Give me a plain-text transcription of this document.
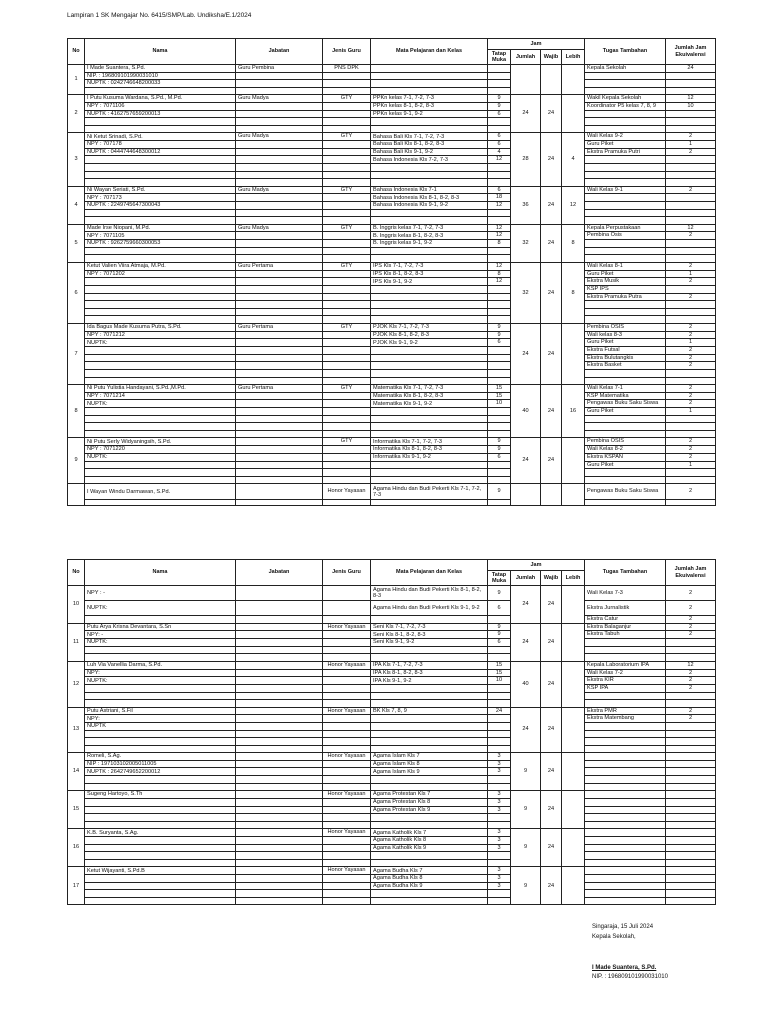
Lampiran 1 SK Mengajar No. 6415/SMP/Lab. Undiksha/E.1/2024
No	Nama	Jabatan	Jenis Guru	Mata Pelajaran dan Kelas	Jam				Tugas Tambahan	Jumlah Jam Ekuivalensi
					Tatap Muka	Jumlah	Wajib	Lebih		
1	I Made Suantera, S.Pd.	Guru Pembina	PNS DPK						Kepala Sekolah	24
	NIP. : 196809101990031010									
	NUPTK : 0242746648200033									

2	I Putu Kusuma Wardana, S.Pd., M.Pd.	Guru Madya	GTY	PPKn kelas 7-1, 7-2, 7-3	9	24	24		Wakil Kepala Sekolah	12
	NPY : 7071106			PPKn kelas 8-1, 8-2, 8-3	9				Koordinator P5 kelas 7, 8, 9	10
	NUPTK : 4162757659200013			PPKn kelas 9-1, 9-2	6					

3	Ni Ketut Srinadi, S.Pd.	Guru Madya	GTY	Bahasa Bali Kls 7-1, 7-2, 7-3	6	28	24	4	Wali Kelas 9-2	2
	NPY : 707178			Bahasa Bali Kls 8-1, 8-2, 8-3	6				Guru Piket	1
	NUPTK : 0444744648300012			Bahasa Bali Kls 9-1, 9-2	4				Ekstra Pramuka Putri	2
				Bahasa Indonesia Kls 7-2, 7-3	12					

4	Ni Wayan Seriati, S.Pd.	Guru Madya	GTY	Bahasa Indonesia Kls 7-1	6	36	24	12	Wali Kelas 9-1	2
	NPY : 707173			Bahasa Indonesia Kls 8-1, 8-2, 8-3	18					
	NUPTK : 2249745647300043			Bahasa Indonesia Kls 9-1, 9-2	12					

5	Made Irse Niopani, M.Pd.	Guru Madya	GTY	B. Inggris kelas 7-1, 7-2, 7-3	12	32	24	8	Kepala Perpustakaan	12
	NPY : 7071105			B. Inggris kelas 8-1, 8-2, 8-3	12				Pembina Osis	2
	NUPTK : 9262759660300053			B. Inggris kelas 9-1, 9-2	8					

6	Ketut Valien Viira Atmaja, M.Pd.	Guru Pertama	GTY	IPS Kls 7-1, 7-2, 7-3	12	32	24	8	Wali Kelas 8-1	2
	NPY : 7071202			IPS Kls 8-1, 8-2, 8-3	8				Guru Piket	1
				IPS Kls 9-1, 9-2	12				Ekstra Musik	2
									KSP IPS	
									Ekstra Pramuka Putra	2

7	Ida Bagus Made Kusuma Putra, S.Pd.	Guru Pertama	GTY	PJOK Kls 7-1, 7-2, 7-3	9	24	24		Pembina OSIS	2
	NPY : 7071212			PJOK Kls 8-1, 8-2, 8-3	9				Wali kelas 8-3	2
	NUPTK:			PJOK Kls 9-1, 9-2	6				Guru Piket	1
									Ekstra Futsal	2
									Ekstra Bulutangkis	2
									Ekstra Basket	2

8	Ni Putu Yulistia Handayani, S.Pd.,M.Pd.	Guru Pertama	GTY	Matematika Kls 7-1, 7-2, 7-3	15	40	24	16	Wali Kelas 7-1	2
	NPY : 7071214			Matematika Kls 8-1, 8-2, 8-3	15				KSP Matematika	2
	NUPTK:			Matematika Kls 9-1, 9-2	10				Pengawas Buku Saku Siswa	2
									Guru Piket	1

9	Ni Putu Serly Widyaningsih, S.Pd.		GTY	Informatika Kls 7-1, 7-2, 7-3	9	24	24		Pembina OSIS	2
	NPY : 7071220			Informatika Kls 8-1, 8-2, 8-3	9				Wali Kelas 8-2	2
	NUPTK:			Informatika Kls 9-1, 9-2	6				Ekstra KSPAN	2
									Guru Piket	1

	I Wayan Windu Darmawan, S.Pd.		Honor Yayasan	Agama Hindu dan Budi Pekerti Kls 7-1, 7-2, 7-3	9				Pengawas Buku Saku Siswa	2

No	Nama	Jabatan	Jenis Guru	Mata Pelajaran dan Kelas	Jam				Tugas Tambahan	Jumlah Jam Ekuivalensi
					Tatap Muka	Jumlah	Wajib	Lebih		
10	NPY : -			Agama Hindu dan Budi Pekerti Kls 8-1, 8-2, 8-3	9	24	24		Wali Kelas 7-3	2
	NUPTK:			Agama Hindu dan Budi Pekerti Kls 9-1, 9-2	6				Ekstra Jurnalistik	2
									Ekstra Catur	2
11	Putu Arya Krisna Devantara, S.Sn		Honor Yayasan	Seni Kls 7-1, 7-2, 7-3	9	24	24		Ekstra Balaganjur	2
	NPY: -			Seni Kls 8-1, 8-2, 8-3	9				Ekstra Tabuh	2
	NUPTK:			Seni Kls 9-1, 9-2	6					

12	Luh Via Vanellia Darma, S.Pd.		Honor Yayasan	IPA Kls 7-1, 7-2, 7-3	15	40	24		Kepala Laboratorium IPA	12
	NPY:			IPA Kls 8-1, 8-2, 8-3	15				Wali Kelas 7-2	2
	NUPTK:			IPA Kls 9-1, 9-2	10				Ekstra KIR	2
									KSP IPA	2

13	Putu Astriani, S.Fil		Honor Yayasan	BK Kls 7, 8, 9	24	24	24		Ekstra PMR	2
	NPY:								Ekstra Matembang	2
	NUPTK									

14	Romeli, S.Ag.		Honor Yayasan	Agama Islam Kls 7	3	9	24			
	NIP : 197103102005011005			Agama Islam Kls 8	3					
	NUPTK : 2642749652200012			Agama Islam Kls 9	3					

15	Sugeng Hartoyo, S.Th		Honor Yayasan	Agama Protestan Kls 7	3	9	24			
				Agama Protestan Kls 8	3					
				Agama Protestan Kls 9	3					

16	K.B. Suryanta, S.Ag.		Honor Yayasan	Agama Katholik Kls 7	3	9	24			
				Agama Katholik Kls 8	3					
				Agama Katholik Kls 9	3					

17	Ketut Wijayanti, S.Pd.B		Honor Yayasan	Agama Budha Kls 7	3	9	24			
				Agama Budha Kls 8	3					
				Agama Budha Kls 9	3					

Singaraja, 15 Juli 2024
Kepala Sekolah,
I Made Suantera, S.Pd.
NIP. : 196809101990031010
